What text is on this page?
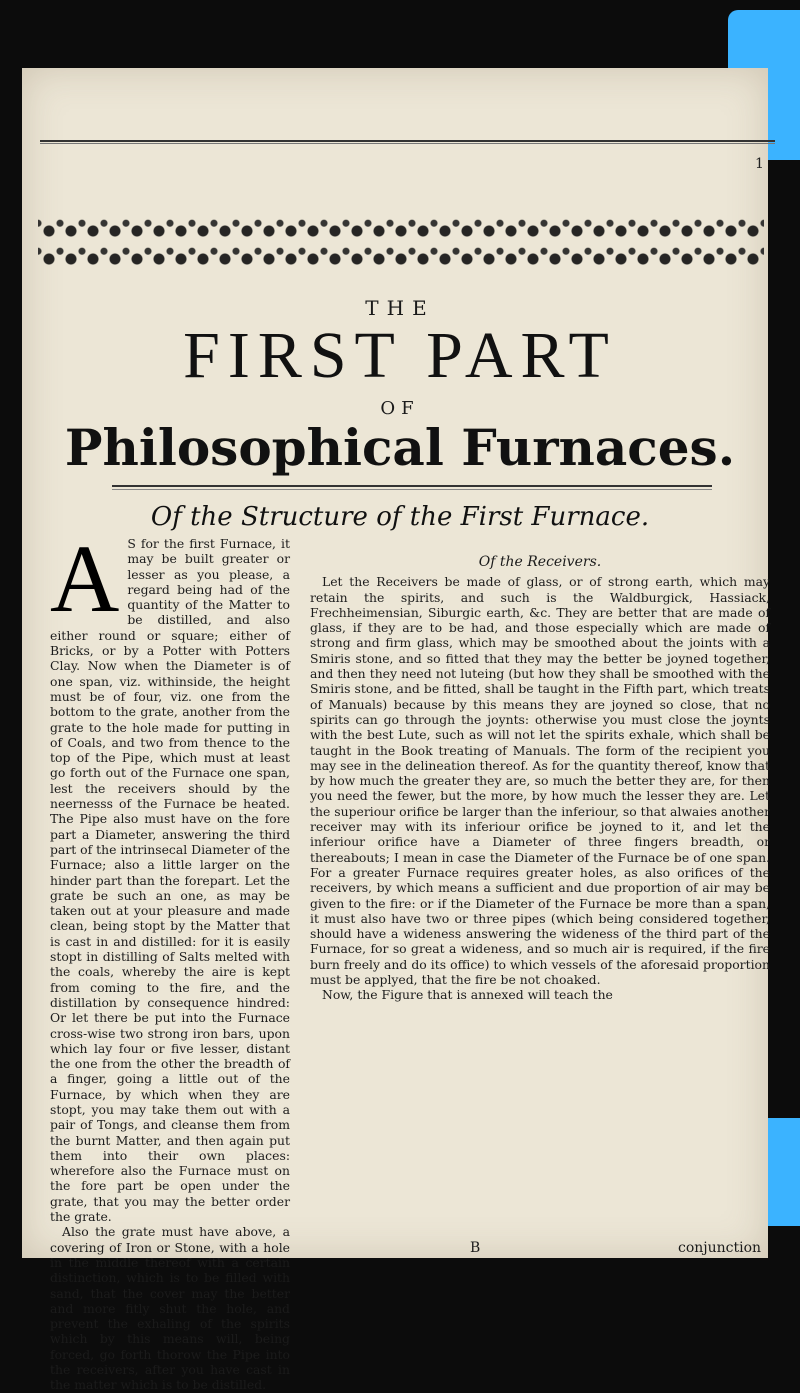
1
THE
FIRST PART
OF
Philosophical Furnaces.
Of the Structure of the First Furnace.
A S for the first Furnace, it may be built greater or lesser as you please, a regard being had of the quantity of the Matter to be distilled, and also either round or square; either of Bricks, or by a Potter with Potters Clay. Now when the Diameter is of one span, viz. withinside, the height must be of four, viz. one from the bottom to the grate, another from the grate to the hole made for putting in of Coals, and two from thence to the top of the Pipe, which must at least go forth out of the Furnace one span, lest the receivers should by the neernesss of the Furnace be heated. The Pipe also must have on the fore part a Diameter, answering the third part of the intrinsecal Diameter of the Furnace; also a little larger on the hinder part than the forepart. Let the grate be such an one, as may be taken out at your pleasure and made clean, being stopt by the Matter that is cast in and distilled: for it is easily stopt in distilling of Salts melted with the coals, whereby the aire is kept from coming to the fire, and the distillation by consequence hindred: Or let there be put into the Furnace cross-wise two strong iron bars, upon which lay four or five lesser, distant the one from the other the breadth of a finger, going a little out of the Furnace, by which when they are stopt, you may take them out with a pair of Tongs, and cleanse them from the burnt Matter, and then again put them into their own places: wherefore also the Furnace must on the fore part be open under the grate, that you may the better order the grate.

Also the grate must have above, a covering of Iron or Stone, with a hole in the middle thereof with a certain distinction, which is to be filled with sand, that the cover may the better and more fitly shut the hole, and prevent the exhaling of the spirits which by this means will, being forced, go forth thorow the Pipe into the receivers, after you have cast in the matter which is to be distilled.

Of the Receivers.

Let the Receivers be made of glass, or of strong earth, which may retain the spirits, and such is the Waldburgick, Hassiack, Frechheimensian, Siburgic earth, &c. They are better that are made of glass, if they are to be had, and those especially which are made of strong and firm glass, which may be smoothed about the joints with a Smiris stone, and so fitted that they may the better be joyned together, and then they need not luteing (but how they shall be smoothed with the Smiris stone, and be fitted, shall be taught in the Fifth part, which treats of Manuals) because by this means they are joyned so close, that no spirits can go through the joynts: otherwise you must close the joynts with the best Lute, such as will not let the spirits exhale, which shall be taught in the Book treating of Manuals. The form of the recipient you may see in the delineation thereof. As for the quantity thereof, know that by how much the greater they are, so much the better they are, for then you need the fewer, but the more, by how much the lesser they are. Let the superiour orifice be larger than the inferiour, so that alwaies another receiver may with its inferiour orifice be joyned to it, and let the inferiour orifice have a Diameter of three fingers breadth, or thereabouts; I mean in case the Diameter of the Furnace be of one span. For a greater Furnace requires greater holes, as also orifices of the receivers, by which means a sufficient and due proportion of air may be given to the fire: or if the Diameter of the Furnace be more than a span, it must also have two or three pipes (which being considered together, should have a wideness answering the wideness of the third part of the Furnace, for so great a wideness, and so much air is required, if the fire burn freely and do its office) to which vessels of the aforesaid proportion must be applyed, that the fire be not choaked.

Now, the Figure that is annexed will teach the

B	conjunction
